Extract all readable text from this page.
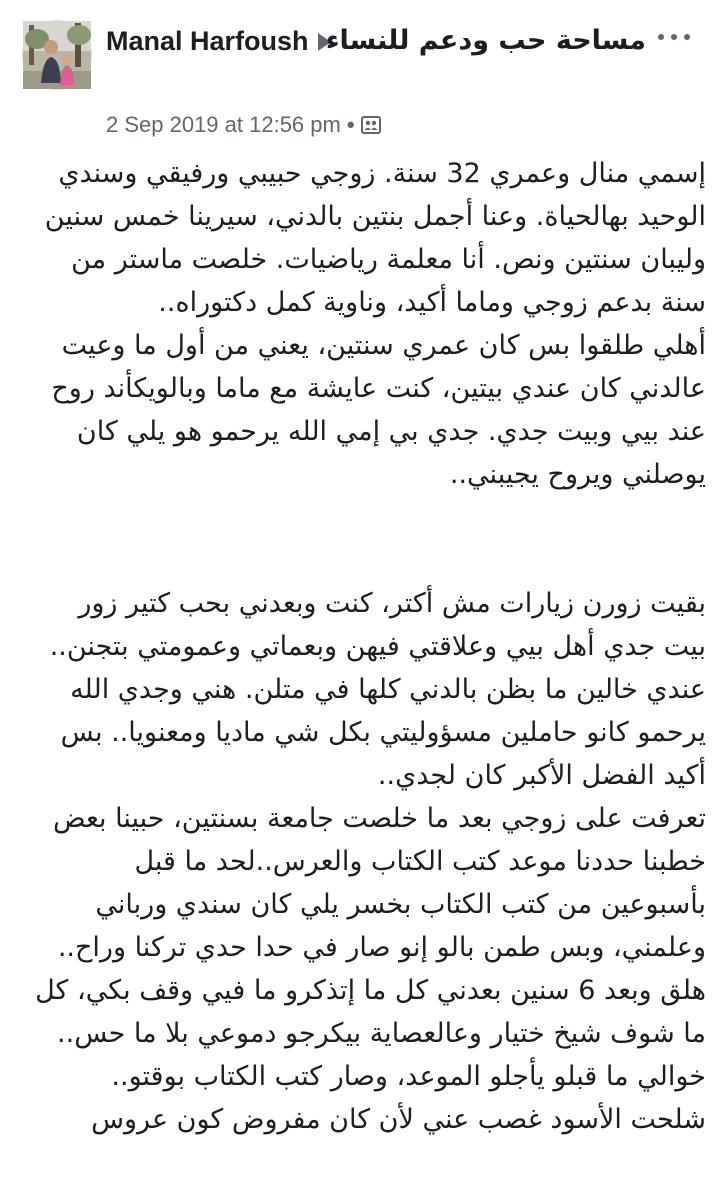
Manal Harfoush مساحة حب ودعم للنساء
2 Sep 2019 at 12:56 pm •

إسمي منال وعمري 32 سنة. زوجي حبيبي ورفيقي وسندي الوحيد بهالحياة. وعنا أجمل بنتين بالدني، سيرينا خمس سنين وليبان سنتين ونص. أنا معلمة رياضيات. خلصت ماستر من سنة بدعم زوجي وماما أكيد، وناوية كمل دكتوراه..

أهلي طلقوا بس كان عمري سنتين، يعني من أول ما وعيت عالدني كان عندي بيتين، كنت عايشة مع ماما وبالويكأند روح عند بيي وبيت جدي. جدي بي إمي الله يرحمو هو يلي كان يوصلني ويروح يجيبني..

بقيت زورن زيارات مش أكتر، كنت وبعدني بحب كتير زور بيت جدي أهل بيي وعلاقتي فيهن وبعماتي وعمومتي بتجنن.. عندي خالين ما بظن بالدني كلها في متلن. هني وجدي الله يرحمو كانو حاملين مسؤوليتي بكل شي ماديا ومعنويا.. بس أكيد الفضل الأكبر كان لجدي..

تعرفت على زوجي بعد ما خلصت جامعة بسنتين، حبينا بعض خطبنا حددنا موعد كتب الكتاب والعرس..لحد ما قبل بأسبوعين من كتب الكتاب بخسر يلي كان سندي ورباني وعلمني، وبس طمن بالو إنو صار في حدا حدي تركنا وراح..

هلق وبعد 6 سنين بعدني كل ما إتذكرو ما فيي وقف بكي، كل ما شوف شيخ ختيار وعالعصاية بيكرجو دموعي بلا ما حس..

خوالي ما قبلو يأجلو الموعد، وصار كتب الكتاب بوقتو..

شلحت الأسود غصب عني لأن كان مفروض كون عروس
